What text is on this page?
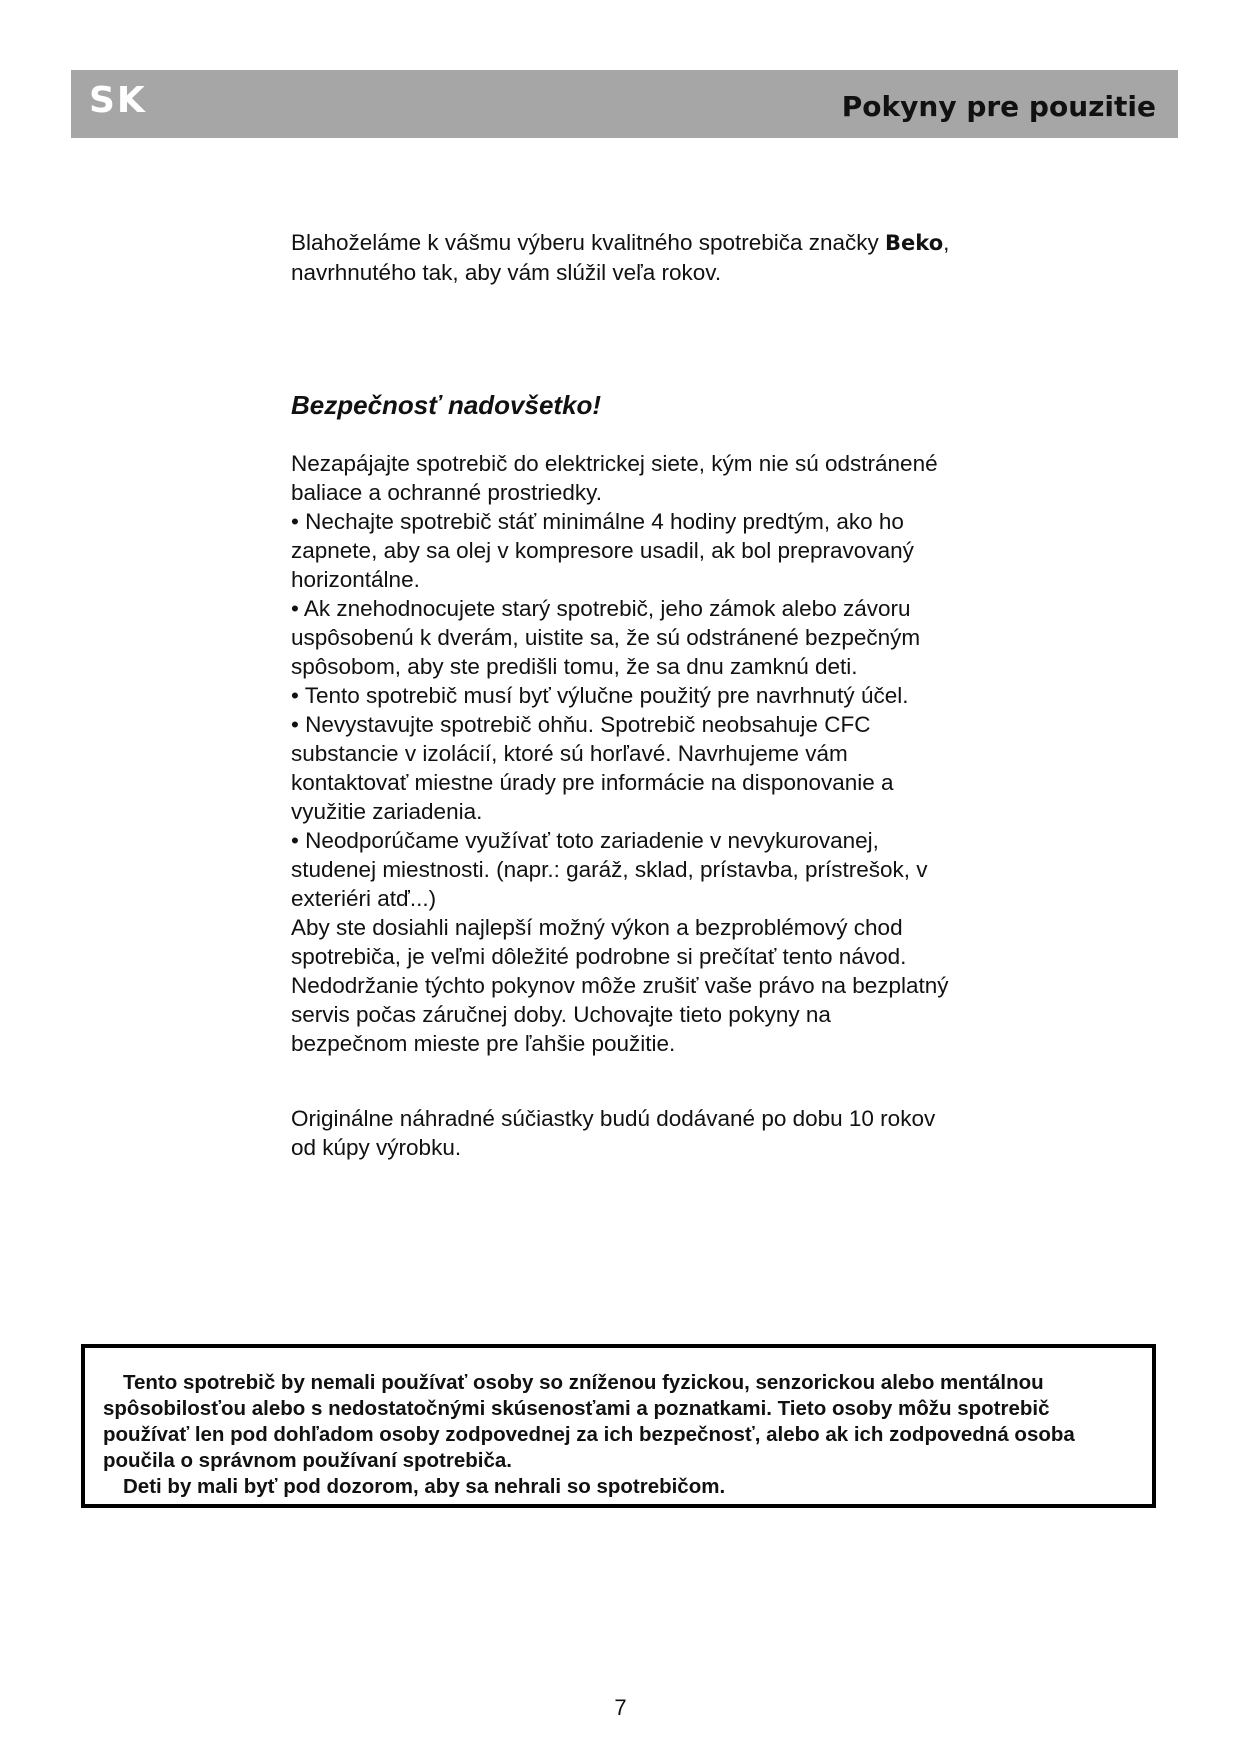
SK	Pokyny pre pouzitie

Blahoželáme k vášmu výberu kvalitného spotrebiča značky Beko, navrhnutého tak, aby vám slúžil veľa rokov.

Bezpečnosť nadovšetko!

Nezapájajte spotrebič do elektrickej siete, kým nie sú odstránené baliace a ochranné prostriedky.

• Nechajte spotrebič stáť minimálne 4 hodiny predtým, ako ho zapnete, aby sa olej v kompresore usadil, ak bol prepravovaný horizontálne.

• Ak znehodnocujete starý spotrebič, jeho zámok alebo závoru uspôsobenú k dverám, uistite sa, že sú odstránené bezpečným spôsobom, aby ste predišli tomu, že sa dnu zamknú deti.

• Tento spotrebič musí byť výlučne použitý pre navrhnutý účel.

• Nevystavujte spotrebič ohňu. Spotrebič neobsahuje CFC substancie v izolácií, ktoré sú horľavé. Navrhujeme vám kontaktovať miestne úrady pre informácie na disponovanie a využitie zariadenia.

• Neodporúčame využívať toto zariadenie v nevykurovanej, studenej miestnosti. (napr.: garáž, sklad, prístavba, prístrešok, v exteriéri atď...)

Aby ste dosiahli najlepší možný výkon a bezproblémový chod spotrebiča, je veľmi dôležité podrobne si prečítať tento návod. Nedodržanie týchto pokynov môže zrušiť vaše právo na bezplatný servis počas záručnej doby. Uchovajte tieto pokyny na bezpečnom mieste pre ľahšie použitie.

Originálne náhradné súčiastky budú dodávané po dobu 10 rokov od kúpy výrobku.

Tento spotrebič by nemali používať osoby so zníženou fyzickou, senzorickou alebo mentálnou spôsobilosťou alebo s nedostatočnými skúsenosťami a poznatkami. Tieto osoby môžu spotrebič používať len pod dohľadom osoby zodpovednej za ich bezpečnosť, alebo ak ich zodpovedná osoba poučila o správnom používaní spotrebiča.

Deti by mali byť pod dozorom, aby sa nehrali so spotrebičom.

7
